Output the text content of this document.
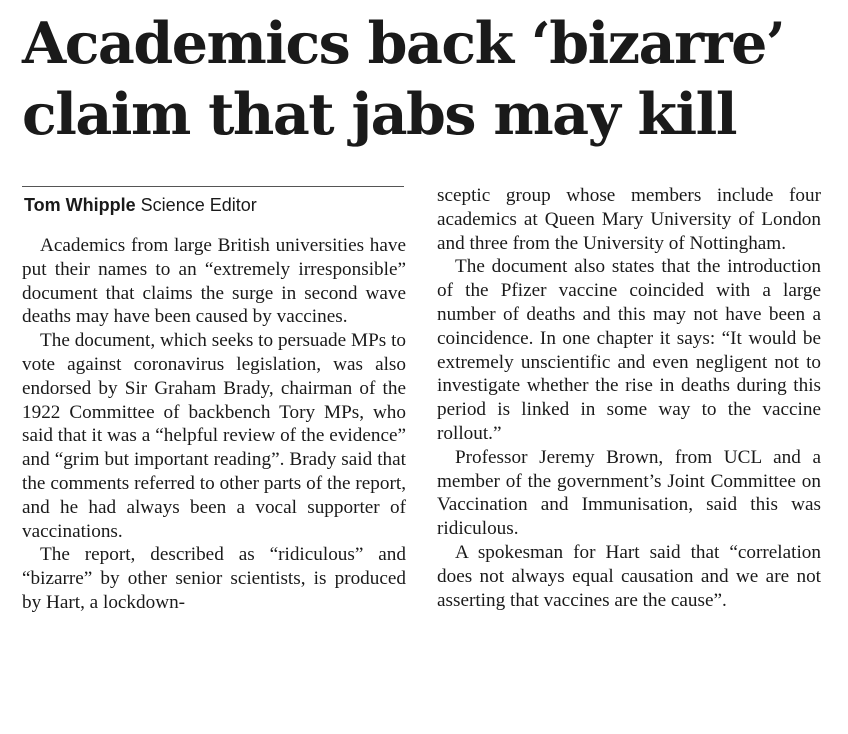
Academics back ‘bizarre’
claim that jabs may kill

Tom Whipple Science Editor

Academics from large British universities have put their names to an “extremely irresponsible” document that claims the surge in second wave deaths may have been caused by vaccines.

The document, which seeks to persuade MPs to vote against coronavirus legislation, was also endorsed by Sir Graham Brady, chairman of the 1922 Committee of backbench Tory MPs, who said that it was a “helpful review of the evidence” and “grim but important reading”. Brady said that the comments referred to other parts of the report, and he had always been a vocal supporter of vaccinations.

The report, described as “ridiculous” and “bizarre” by other senior scientists, is produced by Hart, a lockdown-

sceptic group whose members include four academics at Queen Mary University of London and three from the University of Nottingham.

The document also states that the introduction of the Pfizer vaccine coincided with a large number of deaths and this may not have been a coincidence. In one chapter it says: “It would be extremely unscientific and even negligent not to investigate whether the rise in deaths during this period is linked in some way to the vaccine rollout.”

Professor Jeremy Brown, from UCL and a member of the government’s Joint Committee on Vaccination and Immunisation, said this was ridiculous.

A spokesman for Hart said that “correlation does not always equal causation and we are not asserting that vaccines are the cause”.
